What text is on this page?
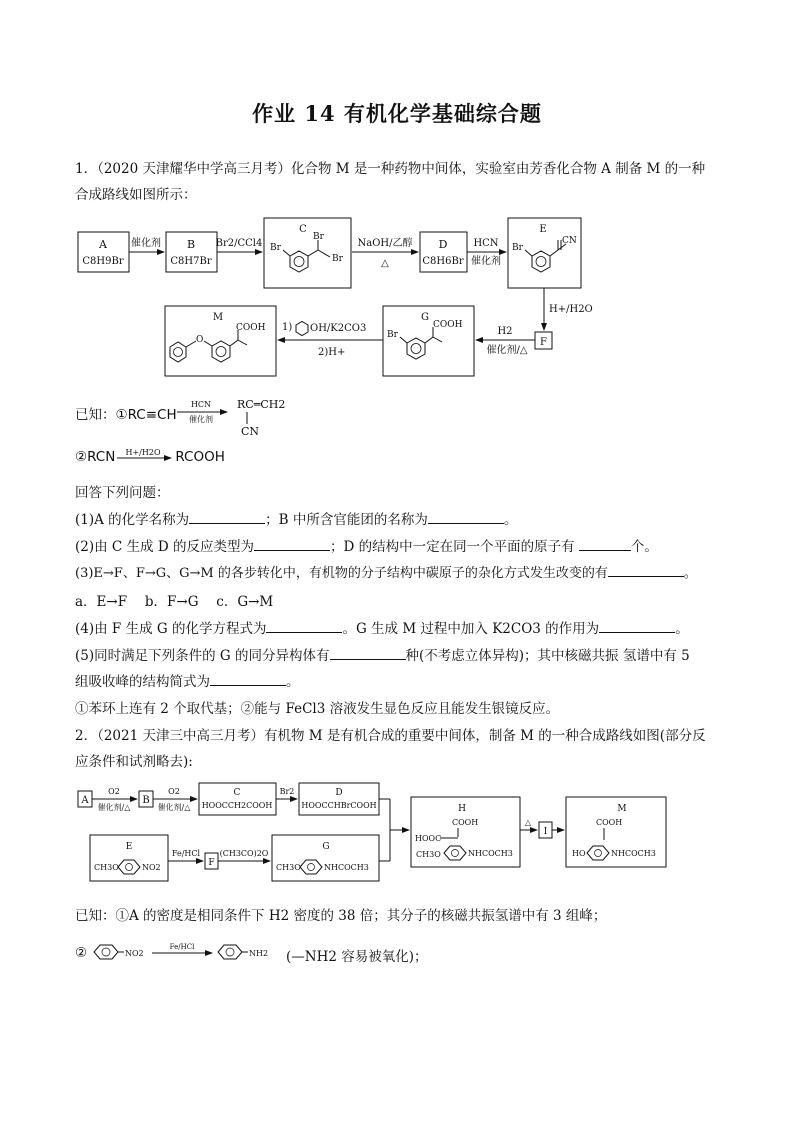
作业 14 有机化学基础综合题
1．（2020 天津耀华中学高三月考）化合物 M 是一种药物中间体，实验室由芳香化合物 A 制备 M 的一种
合成路线如图所示：
A
C8H9Br
催化剂 B
C8H7Br
Br2/CCl4
C
Br
Br
Br
NaOH/乙醇
△
D
C8H6Br
HCN
催化剂
E
Br
CN
H+/H2O
F
H2
催化剂/△
G
Br
COOH
1) OH/K2CO3
2)H+
M
O
COOH
已知：①RC≡CH
HCN
催化剂
RC═CH2
CN
②RCN H+/H2O RCOOH
回答下列问题：
(1)A 的化学名称为	；B 中所含官能团的名称为	。
(2)由 C 生成 D 的反应类型为	；D 的结构中一定在同一个平面的原子有	个。
(3)E→F、F→G、G→M 的各步转化中，有机物的分子结构中碳原子的杂化方式发生改变的有	。
a．E→F　 b．F→G　 c．G→M
(4)由 F 生成 G 的化学方程式为	。G 生成 M 过程中加入 K2CO3 的作用为	。
(5)同时满足下列条件的 G 的同分异构体有	种(不考虑立体异构)；其中核磁共振 氢谱中有 5
组吸收峰的结构简式为	。
①苯环上连有 2 个取代基；②能与 FeCl3 溶液发生显色反应且能发生银镜反应。
2．（2021 天津三中高三月考）有机物 M 是有机合成的重要中间体，制备 M 的一种合成路线如图(部分反
应条件和试剂略去):
A
O2
催化剂/△
B
O2
催化剂/△
C
HOOCCH2COOH
Br2	D
HOOCCHBrCOOH
E
CH3O	NO2
Fe/HCl
F
(CH3CO)2O
G
CH3O	NHCOCH3
H
COOH
HOOC
CH3O	NHCOCH3
△
I
M
COOH
HO	NHCOCH3
已知：①A 的密度是相同条件下 H2 密度的 38 倍；其分子的核磁共振氢谱中有 3 组峰；
②	NO2
Fe/HCl
NH2 (—NH2 容易被氧化)；
